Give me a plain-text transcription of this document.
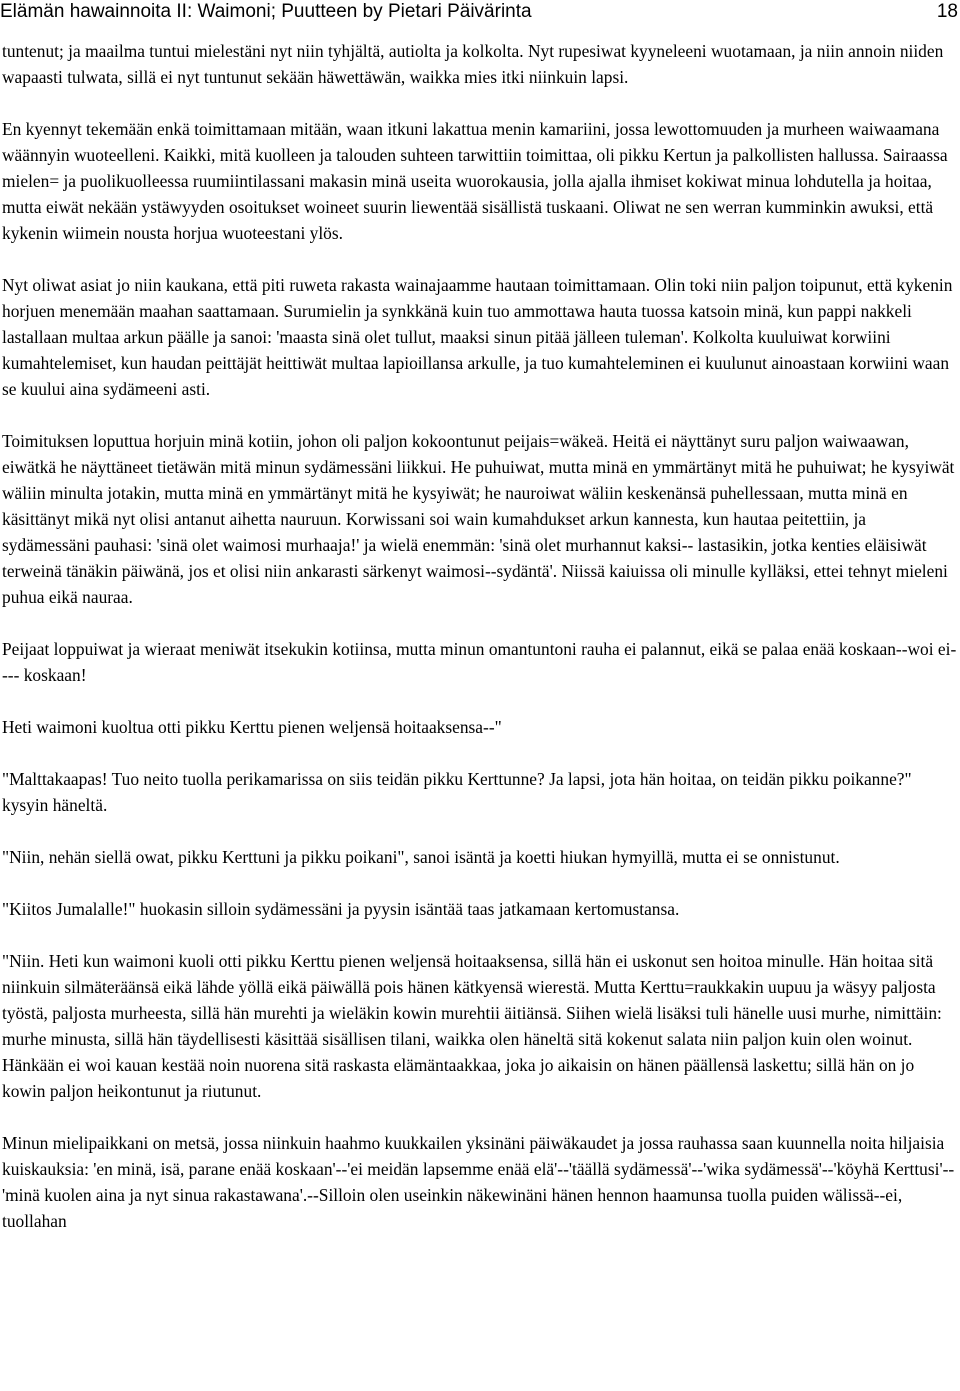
Elämän hawainnoita II: Waimoni; Puutteen by Pietari Päivärinta	18

tuntenut; ja maailma tuntui mielestäni nyt niin tyhjältä, autiolta ja kolkolta. Nyt rupesiwat kyyneleeni wuotamaan, ja niin annoin niiden wapaasti tulwata, sillä ei nyt tuntunut sekään häwettäwän, waikka mies itki niinkuin lapsi.

En kyennyt tekemään enkä toimittamaan mitään, waan itkuni lakattua menin kamariini, jossa lewottomuuden ja murheen waiwaamana wäännyin wuoteelleni. Kaikki, mitä kuolleen ja talouden suhteen tarwittiin toimittaa, oli pikku Kertun ja palkollisten hallussa. Sairaassa mielen= ja puolikuolleessa ruumiintilassani makasin minä useita wuorokausia, jolla ajalla ihmiset kokiwat minua lohdutella ja hoitaa, mutta eiwät nekään ystäwyyden osoitukset woineet suurin liewentää sisällistä tuskaani. Oliwat ne sen werran kumminkin awuksi, että kykenin wiimein nousta horjua wuoteestani ylös.

Nyt oliwat asiat jo niin kaukana, että piti ruweta rakasta wainajaamme hautaan toimittamaan. Olin toki niin paljon toipunut, että kykenin horjuen menemään maahan saattamaan. Surumielin ja synkkänä kuin tuo ammottawa hauta tuossa katsoin minä, kun pappi nakkeli lastallaan multaa arkun päälle ja sanoi: 'maasta sinä olet tullut, maaksi sinun pitää jälleen tuleman'. Kolkolta kuuluiwat korwiini kumahtelemiset, kun haudan peittäjät heittiwät multaa lapioillansa arkulle, ja tuo kumahteleminen ei kuulunut ainoastaan korwiini waan se kuului aina sydämeeni asti.

Toimituksen loputtua horjuin minä kotiin, johon oli paljon kokoontunut peijais=wäkeä. Heitä ei näyttänyt suru paljon waiwaawan, eiwätkä he näyttäneet tietäwän mitä minun sydämessäni liikkui. He puhuiwat, mutta minä en ymmärtänyt mitä he puhuiwat; he kysyiwät wäliin minulta jotakin, mutta minä en ymmärtänyt mitä he kysyiwät; he nauroiwat wäliin keskenänsä puhellessaan, mutta minä en käsittänyt mikä nyt olisi antanut aihetta nauruun. Korwissani soi wain kumahdukset arkun kannesta, kun hautaa peitettiin, ja sydämessäni pauhasi: 'sinä olet waimosi murhaaja!' ja wielä enemmän: 'sinä olet murhannut kaksi-- lastasikin, jotka kenties eläisiwät terweinä tänäkin päiwänä, jos et olisi niin ankarasti särkenyt waimosi--sydäntä'. Niissä kaiuissa oli minulle kylläksi, ettei tehnyt mieleni puhua eikä nauraa.

Peijaat loppuiwat ja wieraat meniwät itsekukin kotiinsa, mutta minun omantuntoni rauha ei palannut, eikä se palaa enää koskaan--woi ei---- koskaan!

Heti waimoni kuoltua otti pikku Kerttu pienen weljensä hoitaaksensa--"

"Malttakaapas! Tuo neito tuolla perikamarissa on siis teidän pikku Kerttunne? Ja lapsi, jota hän hoitaa, on teidän pikku poikanne?" kysyin häneltä.

"Niin, nehän siellä owat, pikku Kerttuni ja pikku poikani", sanoi isäntä ja koetti hiukan hymyillä, mutta ei se onnistunut.

"Kiitos Jumalalle!" huokasin silloin sydämessäni ja pyysin isäntää taas jatkamaan kertomustansa.

"Niin. Heti kun waimoni kuoli otti pikku Kerttu pienen weljensä hoitaaksensa, sillä hän ei uskonut sen hoitoa minulle. Hän hoitaa sitä niinkuin silmäteräänsä eikä lähde yöllä eikä päiwällä pois hänen kätkyensä wierestä. Mutta Kerttu=raukkakin uupuu ja wäsyy paljosta työstä, paljosta murheesta, sillä hän murehti ja wieläkin kowin murehtii äitiänsä. Siihen wielä lisäksi tuli hänelle uusi murhe, nimittäin: murhe minusta, sillä hän täydellisesti käsittää sisällisen tilani, waikka olen häneltä sitä kokenut salata niin paljon kuin olen woinut. Hänkään ei woi kauan kestää noin nuorena sitä raskasta elämäntaakkaa, joka jo aikaisin on hänen päällensä laskettu; sillä hän on jo kowin paljon heikontunut ja riutunut.

Minun mielipaikkani on metsä, jossa niinkuin haahmo kuukkailen yksinäni päiwäkaudet ja jossa rauhassa saan kuunnella noita hiljaisia kuiskauksia: 'en minä, isä, parane enää koskaan'--'ei meidän lapsemme enää elä'--'täällä sydämessä'--'wika sydämessä'--'köyhä Kerttusi'-- 'minä kuolen aina ja nyt sinua rakastawana'.--Silloin olen useinkin näkewinäni hänen hennon haamunsa tuolla puiden wälissä--ei, tuollahan
